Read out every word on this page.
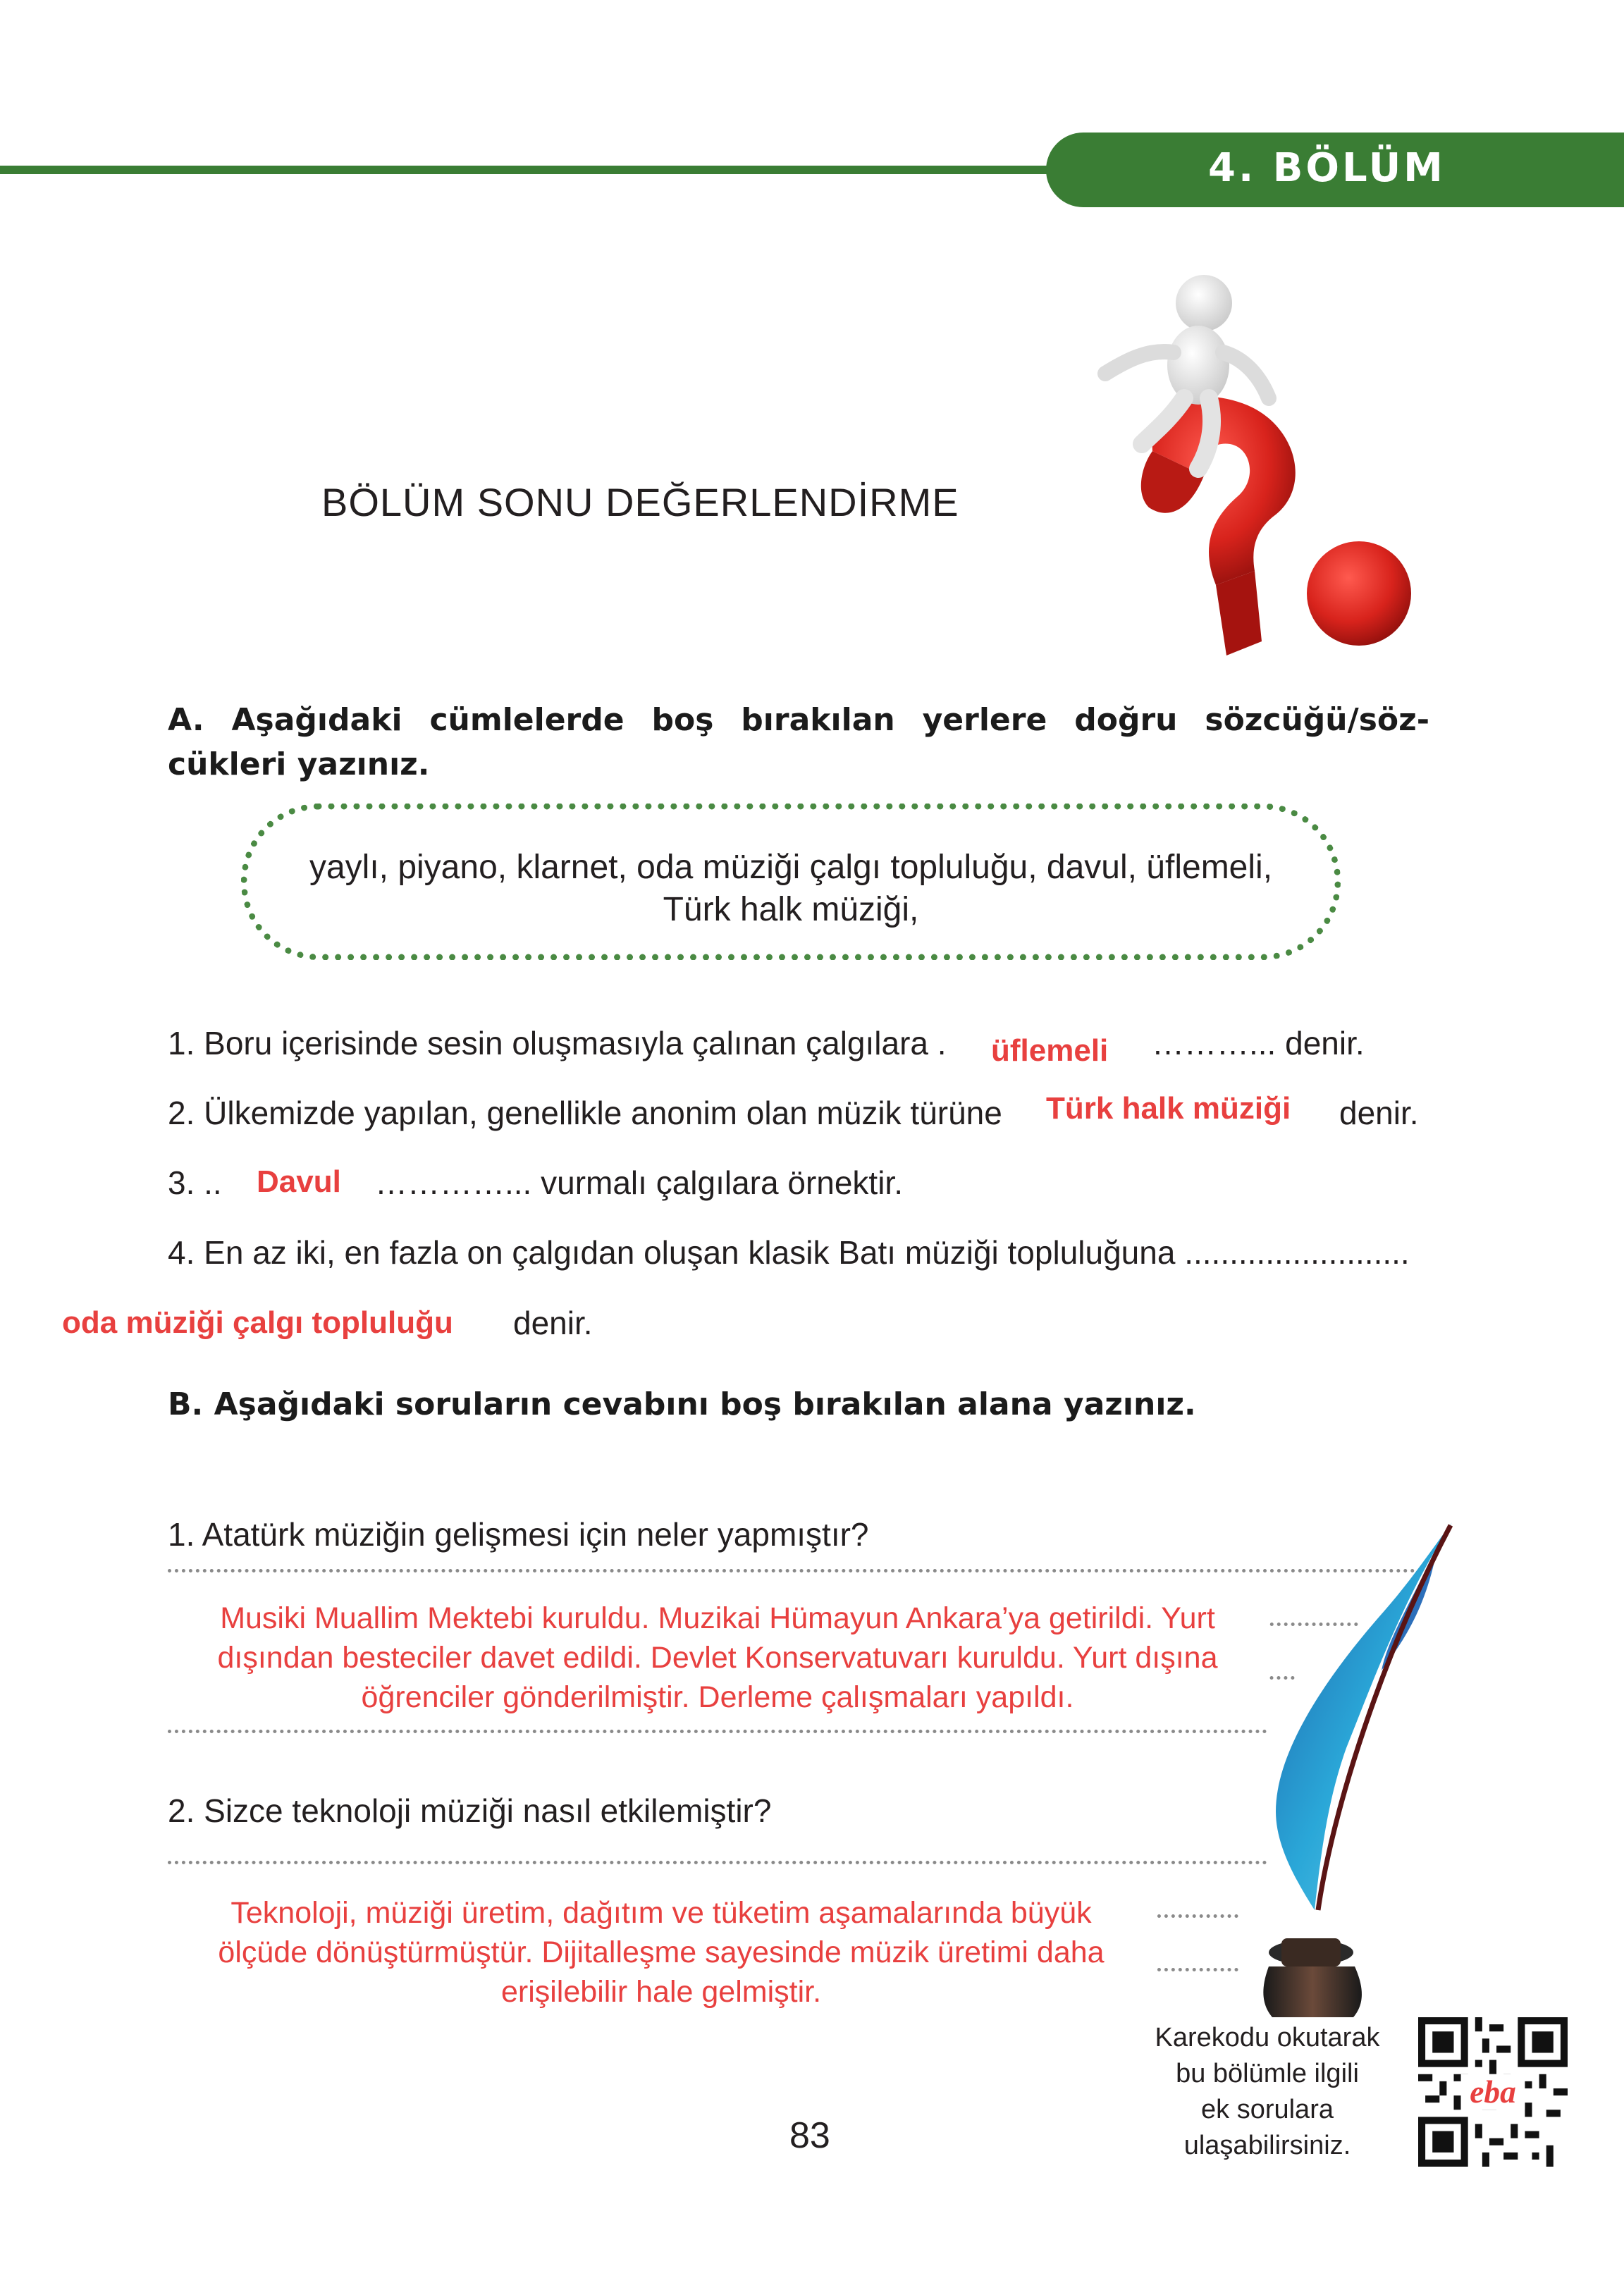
4. BÖLÜM
BÖLÜM SONU DEĞERLENDİRME
A. Aşağıdaki cümlelerde boş bırakılan yerlere doğru sözcüğü/söz-cükleri yazınız.
yaylı, piyano, klarnet, oda müziği çalgı topluluğu, davul, üflemeli,
Türk halk müziği,
1. Boru içerisinde sesin oluşmasıyla çalınan çalgılara . üflemeli ………... denir.
2. Ülkemizde yapılan, genellikle anonim olan müzik türüne Türk halk müziği denir.
3. .. Davul …………... vurmalı çalgılara örnektir.
4. En az iki, en fazla on çalgıdan oluşan klasik Batı müziği topluluğuna .........................
oda müziği çalgı topluluğu denir.
B. Aşağıdaki soruların cevabını boş bırakılan alana yazınız.
1. Atatürk müziğin gelişmesi için neler yapmıştır?
Musiki Muallim Mektebi kuruldu. Muzikai Hümayun Ankara’ya getirildi. Yurt
dışından besteciler davet edildi. Devlet Konservatuvarı kuruldu. Yurt dışına
öğrenciler gönderilmiştir. Derleme çalışmaları yapıldı.
2. Sizce teknoloji müziği nasıl etkilemiştir?
Teknoloji, müziği üretim, dağıtım ve tüketim aşamalarında büyük
ölçüde dönüştürmüştür. Dijitalleşme sayesinde müzik üretimi daha
erişilebilir hale gelmiştir.
83
Karekodu okutarak
bu bölümle ilgili
ek sorulara
ulaşabilirsiniz.
eba
